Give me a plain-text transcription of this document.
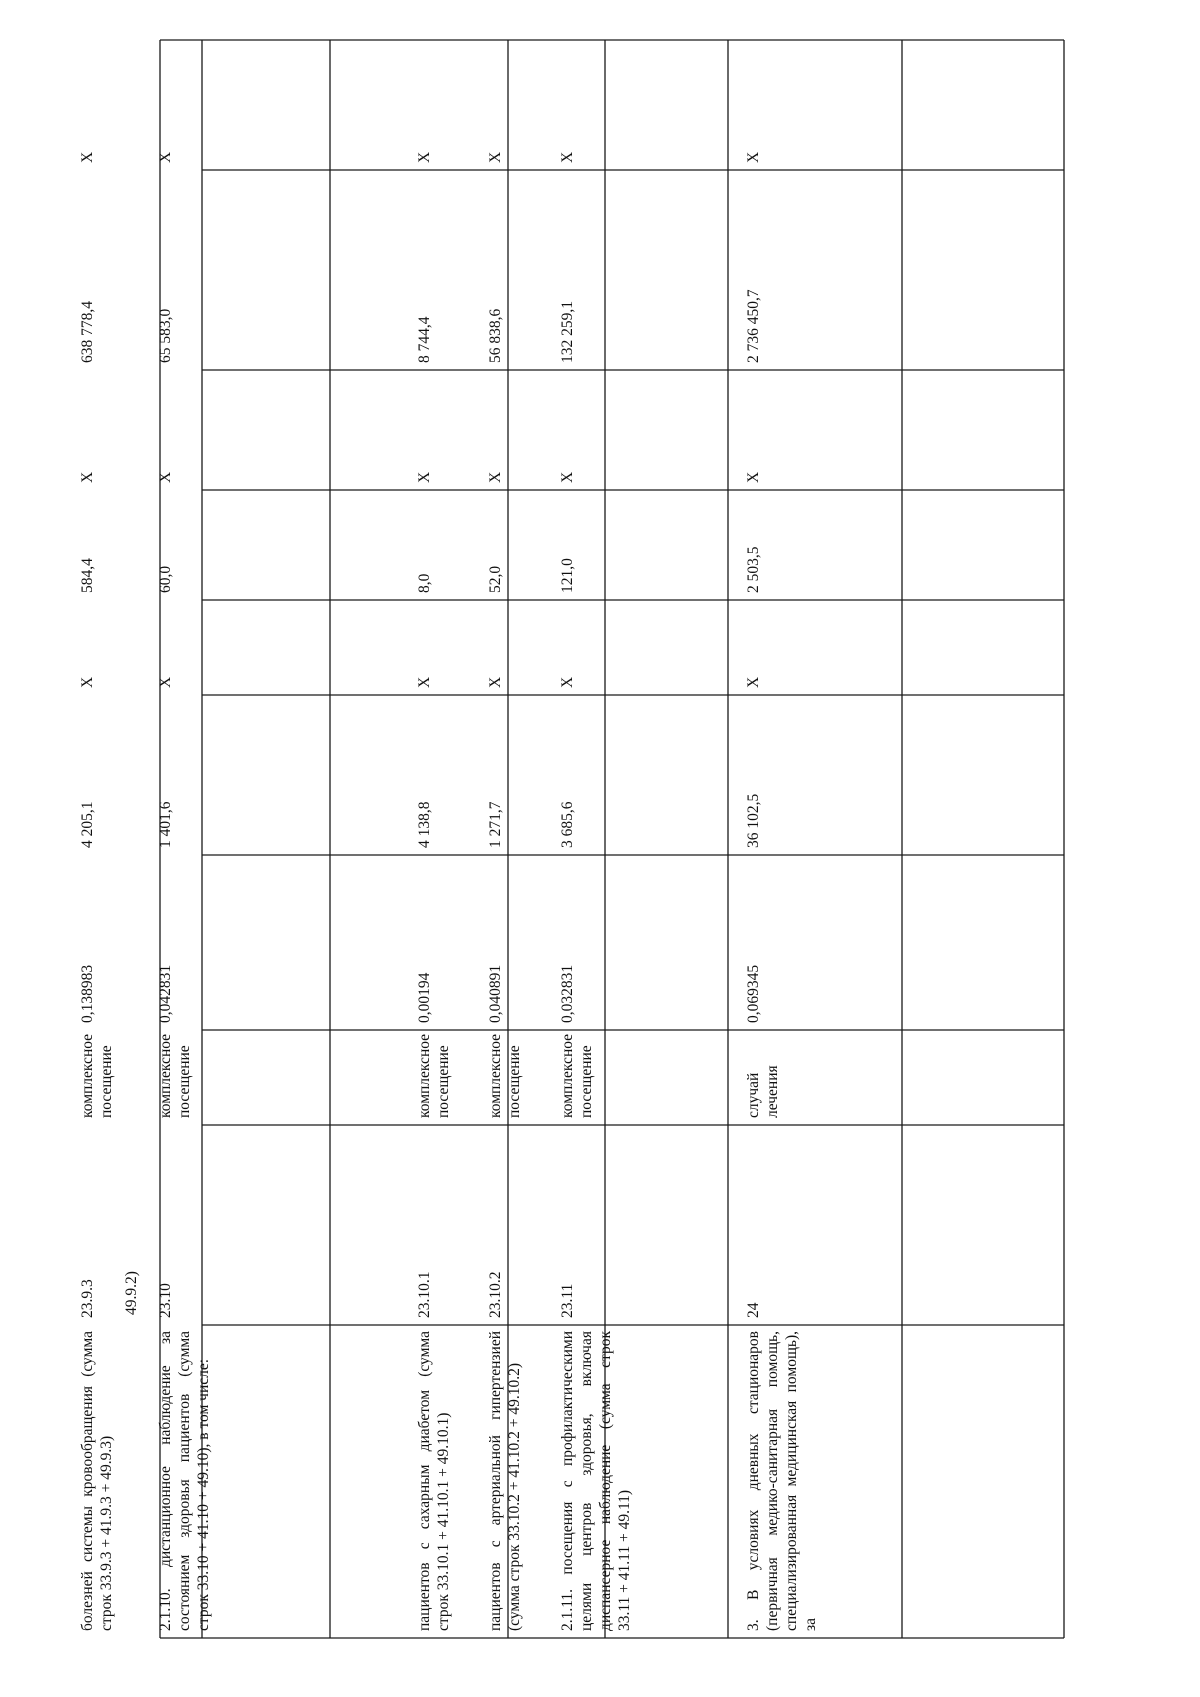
49.9.2)
болезней системы кровообращения (сумма строк 33.9.3 + 41.9.3 + 49.9.3)
23.9.3
комплексное посещение
0,138983
4 205,1
X
584,4
X
638 778,4
X
2.1.10. дистанционное наблюдение за состоянием здоровья пациентов (сумма строк 33.10 + 41.10 + 49.10), в том числе:
23.10
комплексное посещение
0,042831
1 401,6
X
60,0
X
65 583,0
X
пациентов с сахарным диабетом (сумма строк 33.10.1 + 41.10.1 + 49.10.1)
23.10.1
комплексное посещение
0,00194
4 138,8
X
8,0
X
8 744,4
X
пациентов с артериальной гипертензией (сумма строк 33.10.2 + 41.10.2 + 49.10.2)
23.10.2
комплексное посещение
0,040891
1 271,7
X
52,0
X
56 838,6
X
2.1.11. посещения с профилактическими целями центров здоровья, включая диспансерное наблюдение (сумма строк 33.11 + 41.11 + 49.11)
23.11
комплексное посещение
0,032831
3 685,6
X
121,0
X
132 259,1
X
3. В условиях дневных стационаров (первичная медико-санитарная помощь, специализированная медицинская помощь), за
24
случай лечения
0,069345
36 102,5
X
2 503,5
X
2 736 450,7
X
